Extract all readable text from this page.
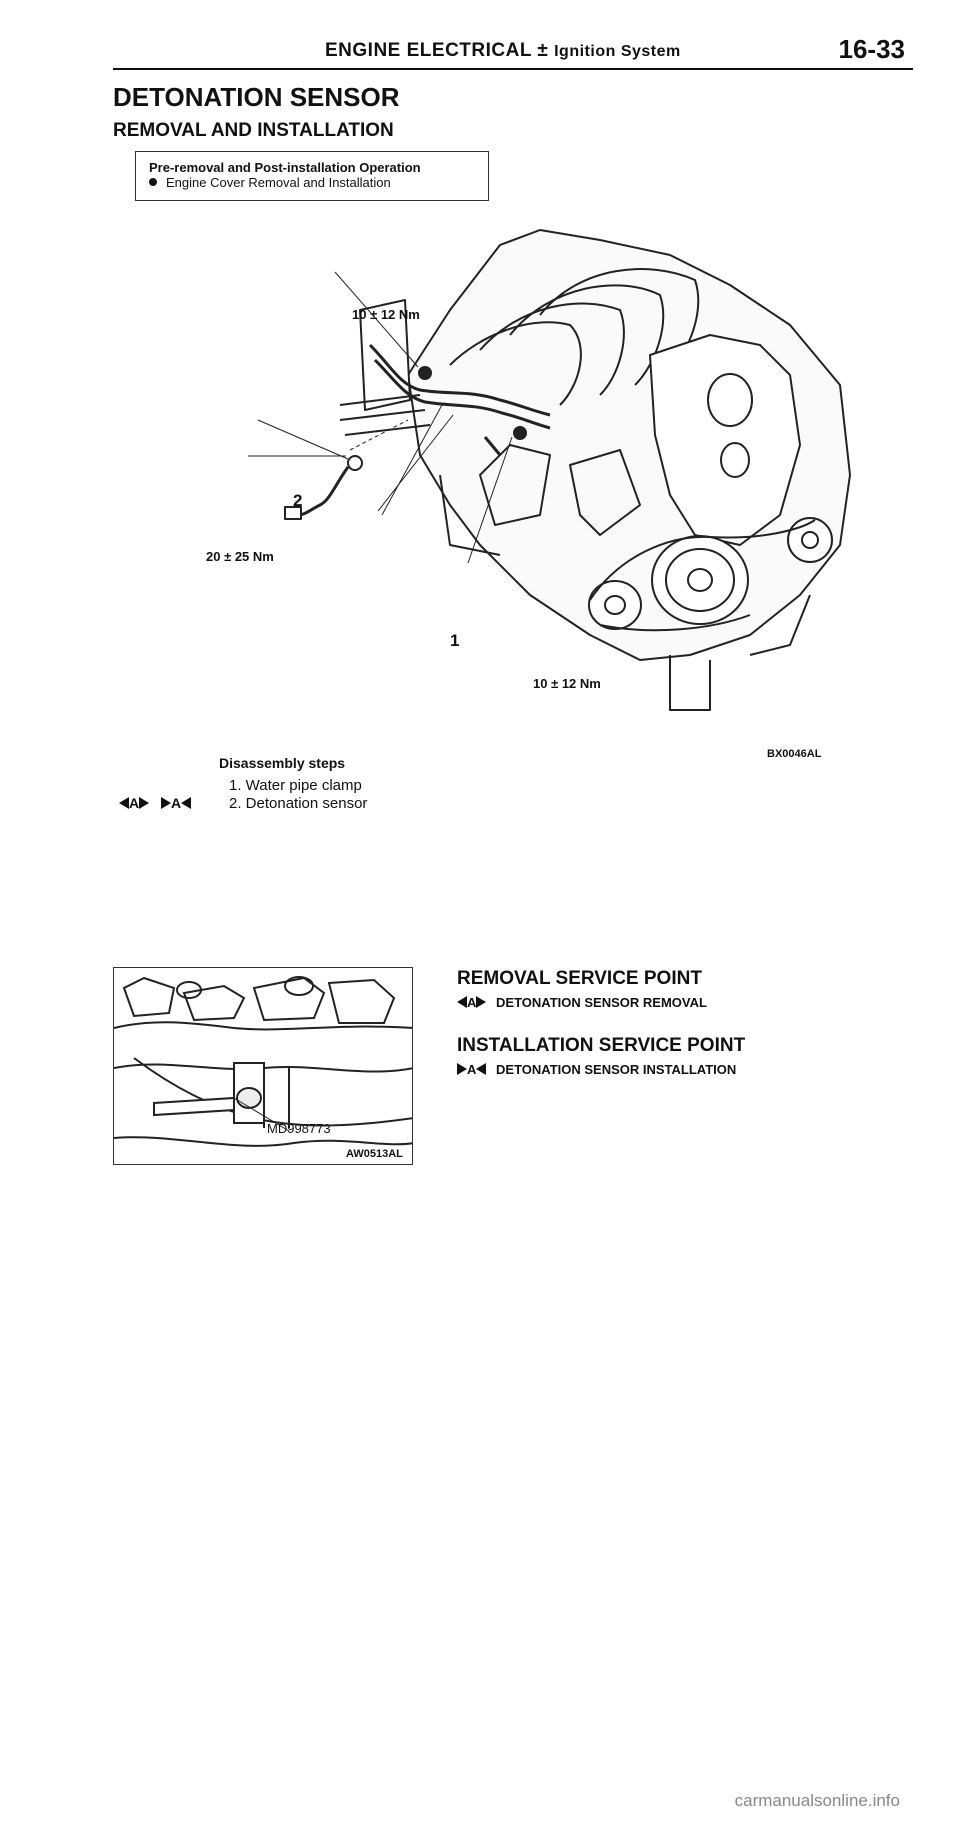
ENGINE ELECTRICAL ± Ignition System	16-33
DETONATION SENSOR
REMOVAL AND INSTALLATION
Pre-removal and Post-installation Operation
Engine Cover Removal and Installation
10 ± 12 Nm
2
20 ± 25 Nm
1
10 ± 12 Nm
BX0046AL
Disassembly steps
1. Water pipe clamp
A A	2. Detonation sensor
MD998773
AW0513AL
REMOVAL SERVICE POINT
A DETONATION SENSOR REMOVAL
INSTALLATION SERVICE POINT
A DETONATION SENSOR INSTALLATION
carmanualsonline.info
